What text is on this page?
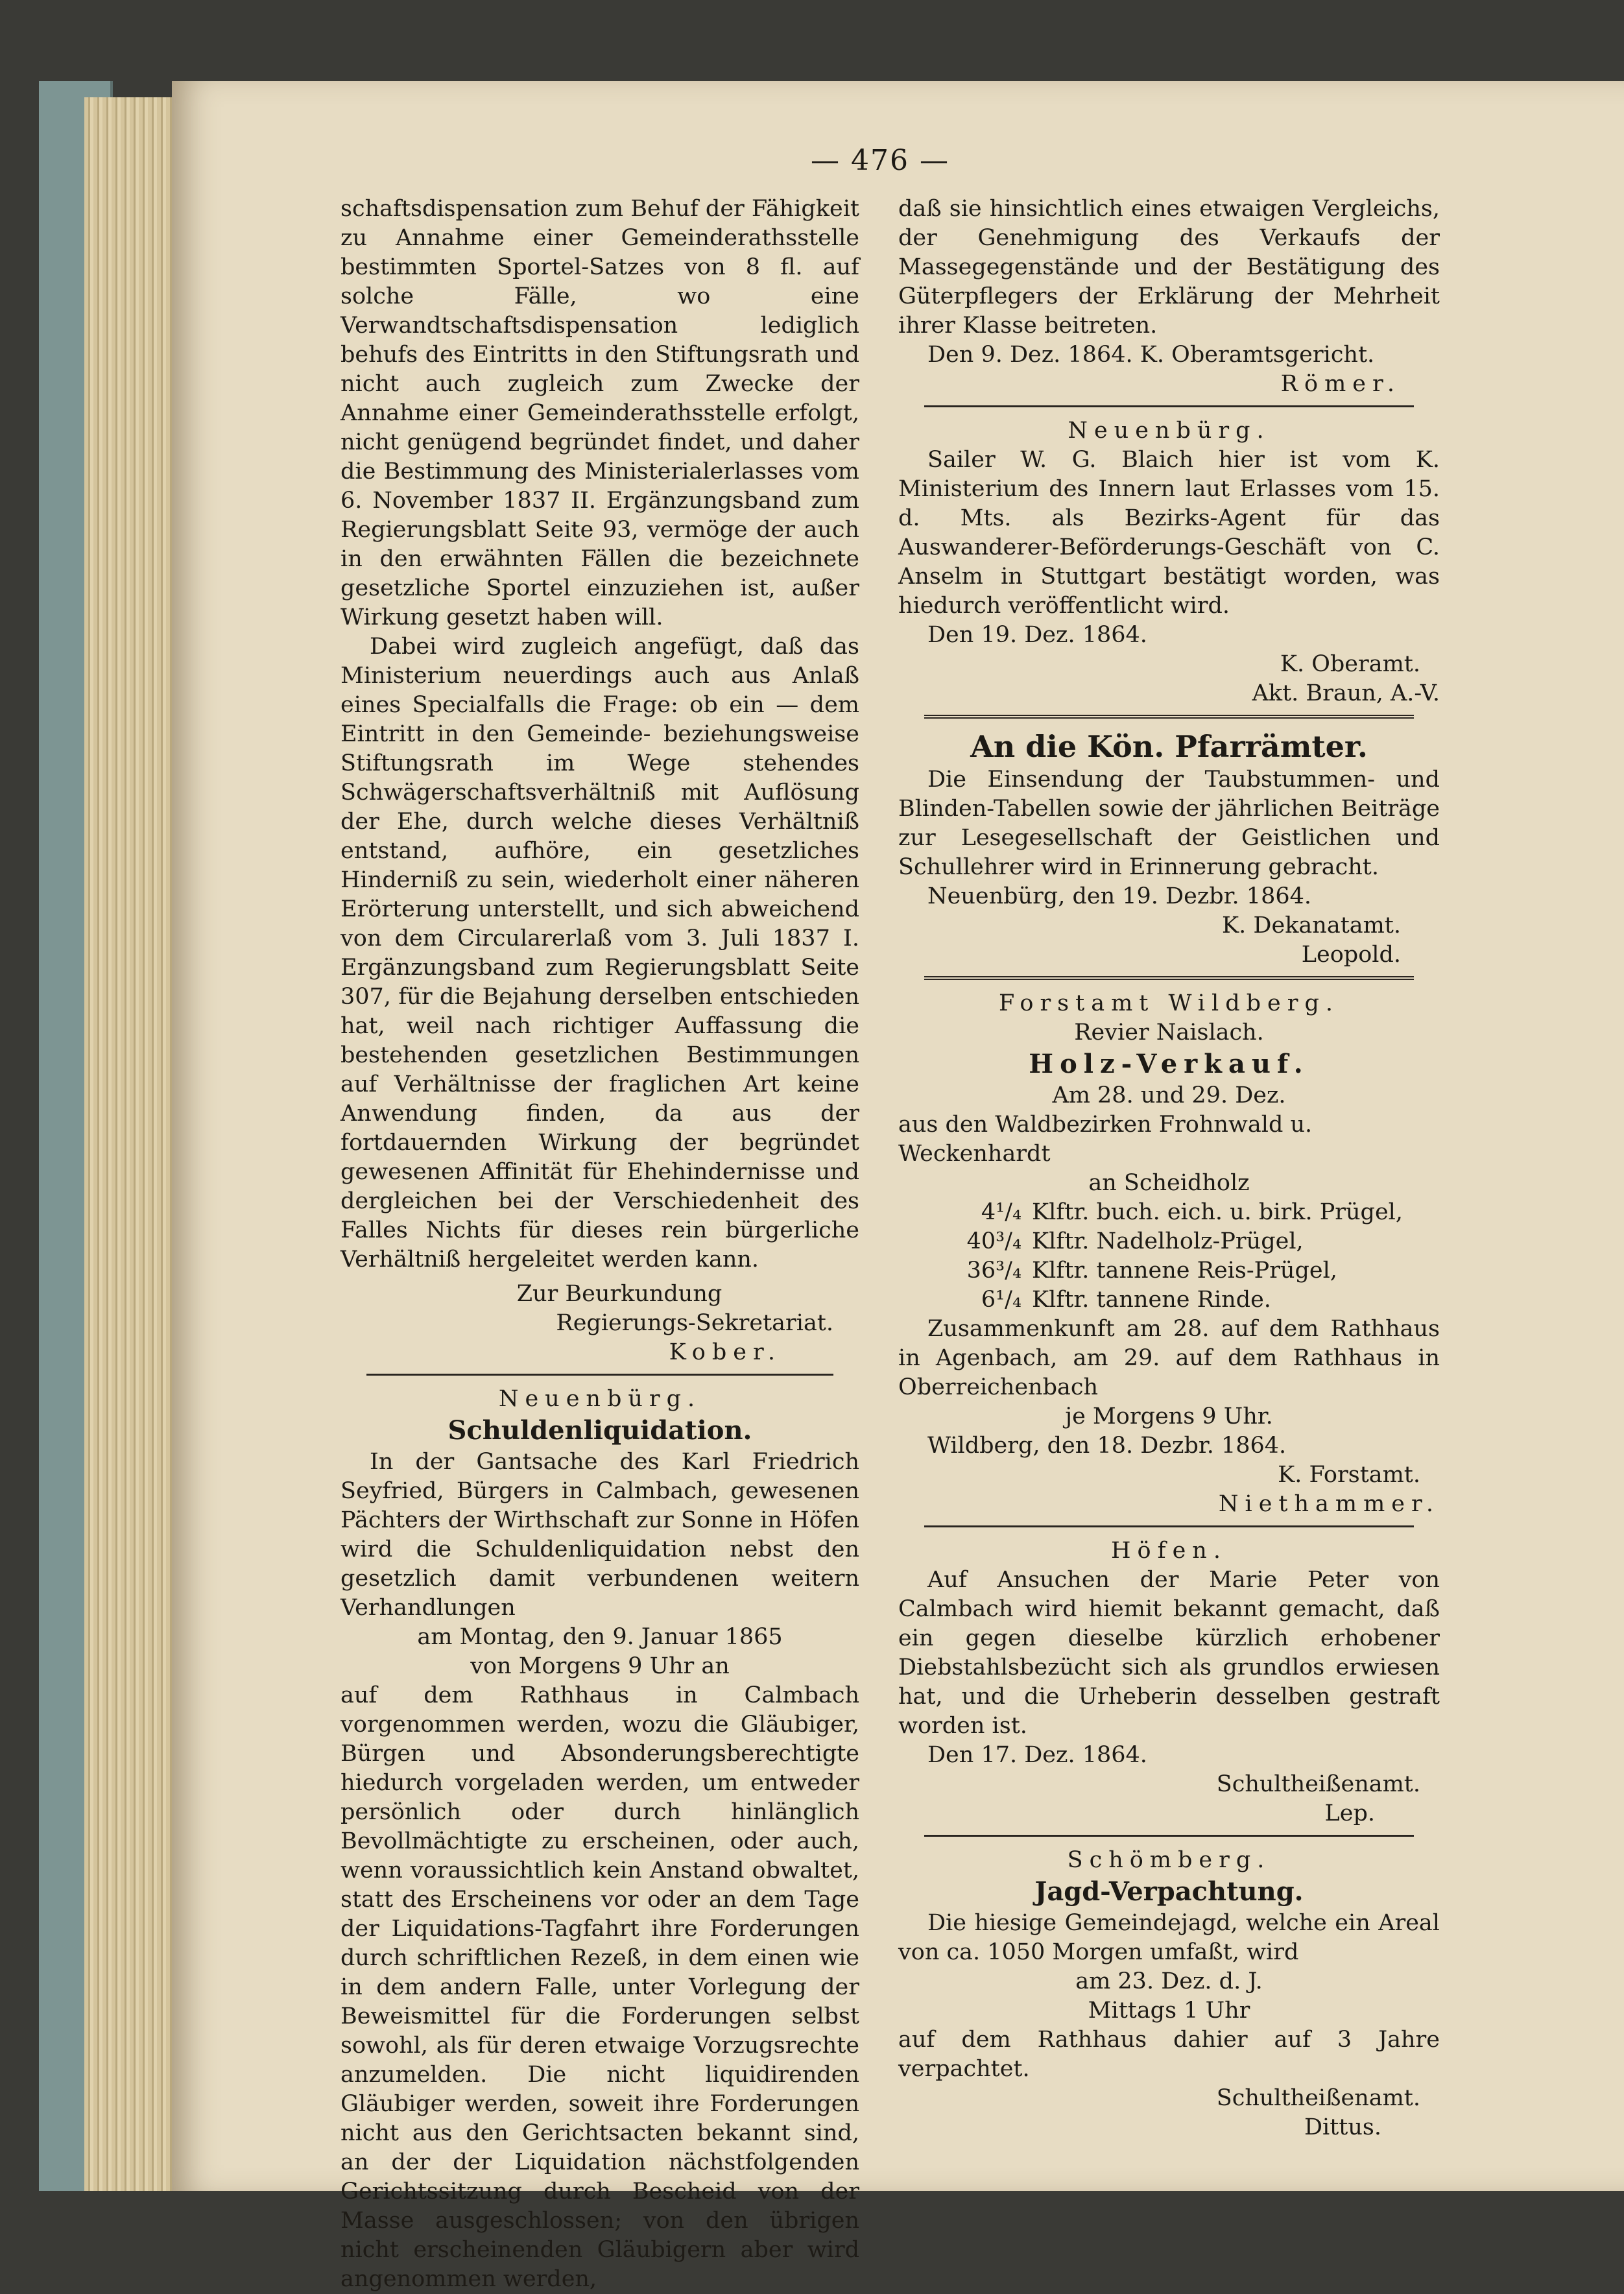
— 476 —

schaftsdispensation zum Behuf der Fähigkeit zu Annahme einer Gemeinderathsstelle bestimmten Sportel-Satzes von 8 fl. auf solche Fälle, wo eine Verwandtschaftsdispensation lediglich behufs des Eintritts in den Stiftungsrath und nicht auch zugleich zum Zwecke der Annahme einer Gemeinderathsstelle erfolgt, nicht genügend begründet findet, und daher die Bestimmung des Ministerialerlasses vom 6. November 1837 II. Ergänzungsband zum Regierungsblatt Seite 93, vermöge der auch in den erwähnten Fällen die bezeichnete gesetzliche Sportel einzuziehen ist, außer Wirkung gesetzt haben will.

Dabei wird zugleich angefügt, daß das Ministerium neuerdings auch aus Anlaß eines Specialfalls die Frage: ob ein — dem Eintritt in den Gemeinde- beziehungsweise Stiftungsrath im Wege stehendes Schwägerschaftsverhältniß mit Auflösung der Ehe, durch welche dieses Verhältniß entstand, aufhöre, ein gesetzliches Hinderniß zu sein, wiederholt einer näheren Erörterung unterstellt, und sich abweichend von dem Circularerlaß vom 3. Juli 1837 I. Ergänzungsband zum Regierungsblatt Seite 307, für die Bejahung derselben entschieden hat, weil nach richtiger Auffassung die bestehenden gesetzlichen Bestimmungen auf Verhältnisse der fraglichen Art keine Anwendung finden, da aus der fortdauernden Wirkung der begründet gewesenen Affinität für Ehehindernisse und dergleichen bei der Verschiedenheit des Falles Nichts für dieses rein bürgerliche Verhältniß hergeleitet werden kann.

Zur Beurkundung
Regierungs-Sekretariat.
Kober.
Neuenbürg.
Schuldenliquidation.

In der Gantsache des Karl Friedrich Seyfried, Bürgers in Calmbach, gewesenen Pächters der Wirthschaft zur Sonne in Höfen wird die Schuldenliquidation nebst den gesetzlich damit verbundenen weitern Verhandlungen

am Montag, den 9. Januar 1865
von Morgens 9 Uhr an

auf dem Rathhaus in Calmbach vorgenommen werden, wozu die Gläubiger, Bürgen und Absonderungsberechtigte hiedurch vorgeladen werden, um entweder persönlich oder durch hinlänglich Bevollmächtigte zu erscheinen, oder auch, wenn voraussichtlich kein Anstand obwaltet, statt des Erscheinens vor oder an dem Tage der Liquidations-Tagfahrt ihre Forderungen durch schriftlichen Rezeß, in dem einen wie in dem andern Falle, unter Vorlegung der Beweismittel für die Forderungen selbst sowohl, als für deren etwaige Vorzugsrechte anzumelden. Die nicht liquidirenden Gläubiger werden, soweit ihre Forderungen nicht aus den Gerichtsacten bekannt sind, an der der Liquidation nächstfolgenden Gerichtssitzung durch Bescheid von der Masse ausgeschlossen; von den übrigen nicht erscheinenden Gläubigern aber wird angenommen werden,

daß sie hinsichtlich eines etwaigen Vergleichs, der Genehmigung des Verkaufs der Massegegenstände und der Bestätigung des Güterpflegers der Erklärung der Mehrheit ihrer Klasse beitreten.

Den 9. Dez. 1864. K. Oberamtsgericht.
Römer.
Neuenbürg.

Sailer W. G. Blaich hier ist vom K. Ministerium des Innern laut Erlasses vom 15. d. Mts. als Bezirks-Agent für das Auswanderer-Beförderungs-Geschäft von C. Anselm in Stuttgart bestätigt worden, was hiedurch veröffentlicht wird.

Den 19. Dez. 1864.
K. Oberamt.
Akt. Braun, A.-V.
An die Kön. Pfarrämter.

Die Einsendung der Taubstummen- und Blinden-Tabellen sowie der jährlichen Beiträge zur Lesegesellschaft der Geistlichen und Schullehrer wird in Erinnerung gebracht.

Neuenbürg, den 19. Dezbr. 1864.
K. Dekanatamt.
Leopold.
Forstamt Wildberg.
Revier Naislach.
Holz-Verkauf.
Am 28. und 29. Dez.
aus den Waldbezirken Frohnwald u. Weckenhardt
an Scheidholz
4¹/₄ Klftr. buch. eich. u. birk. Prügel,
40³/₄ Klftr. Nadelholz-Prügel,
36³/₄ Klftr. tannene Reis-Prügel,
6¹/₄ Klftr. tannene Rinde.

Zusammenkunft am 28. auf dem Rathhaus in Agenbach, am 29. auf dem Rathhaus in Oberreichenbach

je Morgens 9 Uhr.
Wildberg, den 18. Dezbr. 1864.
K. Forstamt.
Niethammer.
Höfen.

Auf Ansuchen der Marie Peter von Calmbach wird hiemit bekannt gemacht, daß ein gegen dieselbe kürzlich erhobener Diebstahlsbezücht sich als grundlos erwiesen hat, und die Urheberin desselben gestraft worden ist.

Den 17. Dez. 1864.
Schultheißenamt.
Lep.
Schömberg.
Jagd-Verpachtung.

Die hiesige Gemeindejagd, welche ein Areal von ca. 1050 Morgen umfaßt, wird

am 23. Dez. d. J.
Mittags 1 Uhr

auf dem Rathhaus dahier auf 3 Jahre verpachtet.

Schultheißenamt.
Dittus.
